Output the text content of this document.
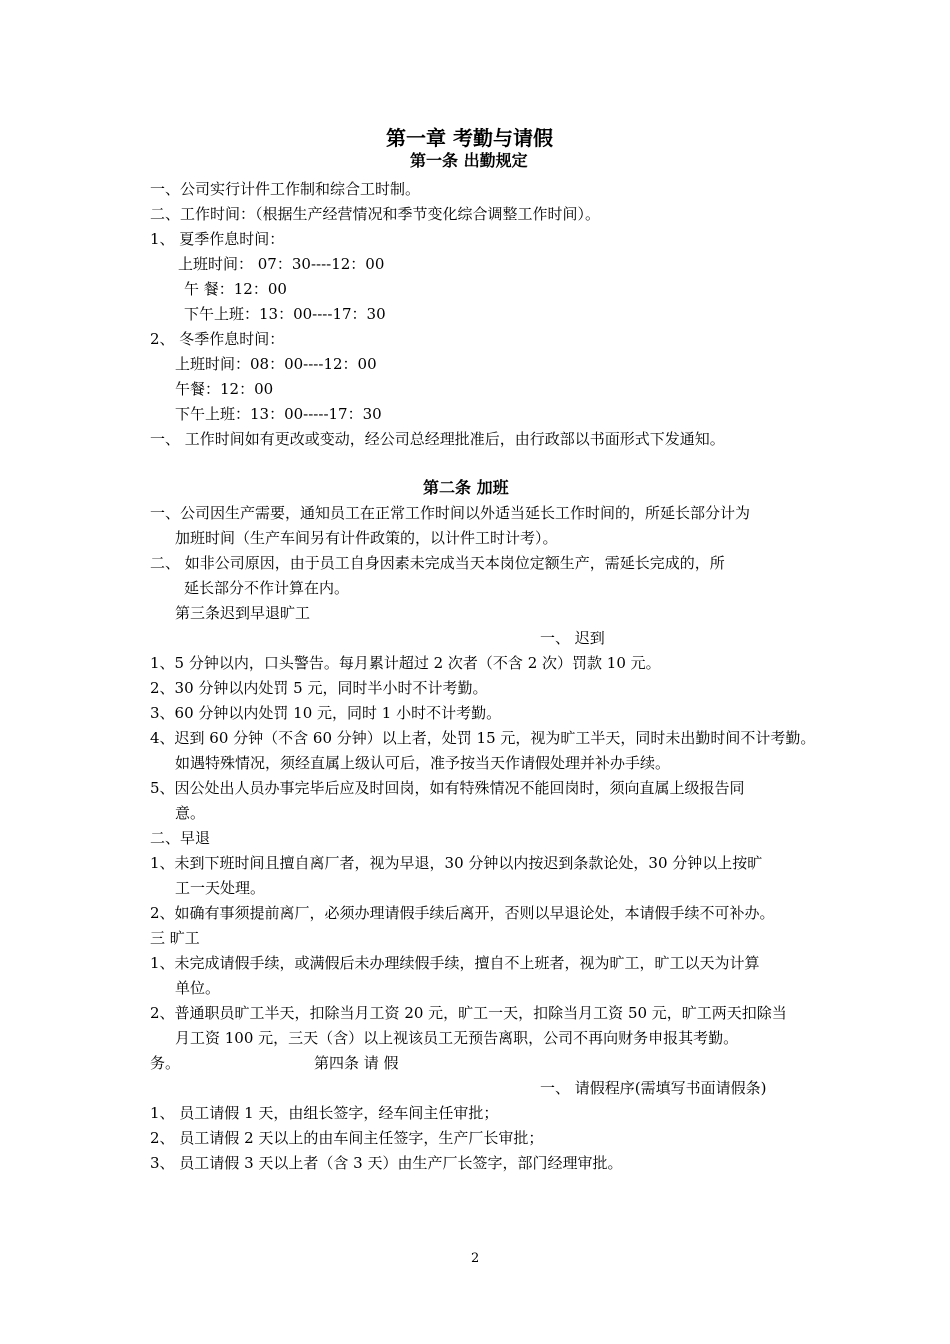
第一章 考勤与请假
第一条 出勤规定
一、公司实行计件工作制和综合工时制。
二、工作时间：（根据生产经营情况和季节变化综合调整工作时间）。
1、 夏季作息时间：
上班时间： 07：30----12：00
午 餐：12：00
下午上班：13：00----17：30
2、 冬季作息时间：
上班时间：08：00----12：00
午餐：12：00
下午上班：13：00-----17：30
一、 工作时间如有更改或变动，经公司总经理批准后，由行政部以书面形式下发通知。
第二条 加班
一、公司因生产需要，通知员工在正常工作时间以外适当延长工作时间的，所延长部分计为
加班时间（生产车间另有计件政策的，以计件工时计考）。
二、 如非公司原因，由于员工自身因素未完成当天本岗位定额生产，需延长完成的，所
延长部分不作计算在内。
第三条迟到早退旷工
一、 迟到
1、5 分钟以内，口头警告。每月累计超过 2 次者（不含 2 次）罚款 10 元。
2、30 分钟以内处罚 5 元，同时半小时不计考勤。
3、60 分钟以内处罚 10 元，同时 1 小时不计考勤。
4、迟到 60 分钟（不含 60 分钟）以上者，处罚 15 元，视为旷工半天，同时未出勤时间不计考勤。
如遇特殊情况，须经直属上级认可后，准予按当天作请假处理并补办手续。
5、因公处出人员办事完毕后应及时回岗，如有特殊情况不能回岗时，须向直属上级报告同
意。
二、早退
1、未到下班时间且擅自离厂者，视为早退，30 分钟以内按迟到条款论处，30 分钟以上按旷
工一天处理。
2、如确有事须提前离厂，必须办理请假手续后离开，否则以早退论处，本请假手续不可补办。
三 旷工
1、未完成请假手续，或满假后未办理续假手续，擅自不上班者，视为旷工，旷工以天为计算
单位。
2、普通职员旷工半天，扣除当月工资 20 元，旷工一天，扣除当月工资 50 元，旷工两天扣除当
月工资 100 元，三天（含）以上视该员工无预告离职，公司不再向财务申报其考勤。
务。	第四条 请 假
一、 请假程序(需填写书面请假条)
1、 员工请假 1 天，由组长签字，经车间主任审批；
2、 员工请假 2 天以上的由车间主任签字，生产厂长审批；
3、 员工请假 3 天以上者（含 3 天）由生产厂长签字，部门经理审批。
2
